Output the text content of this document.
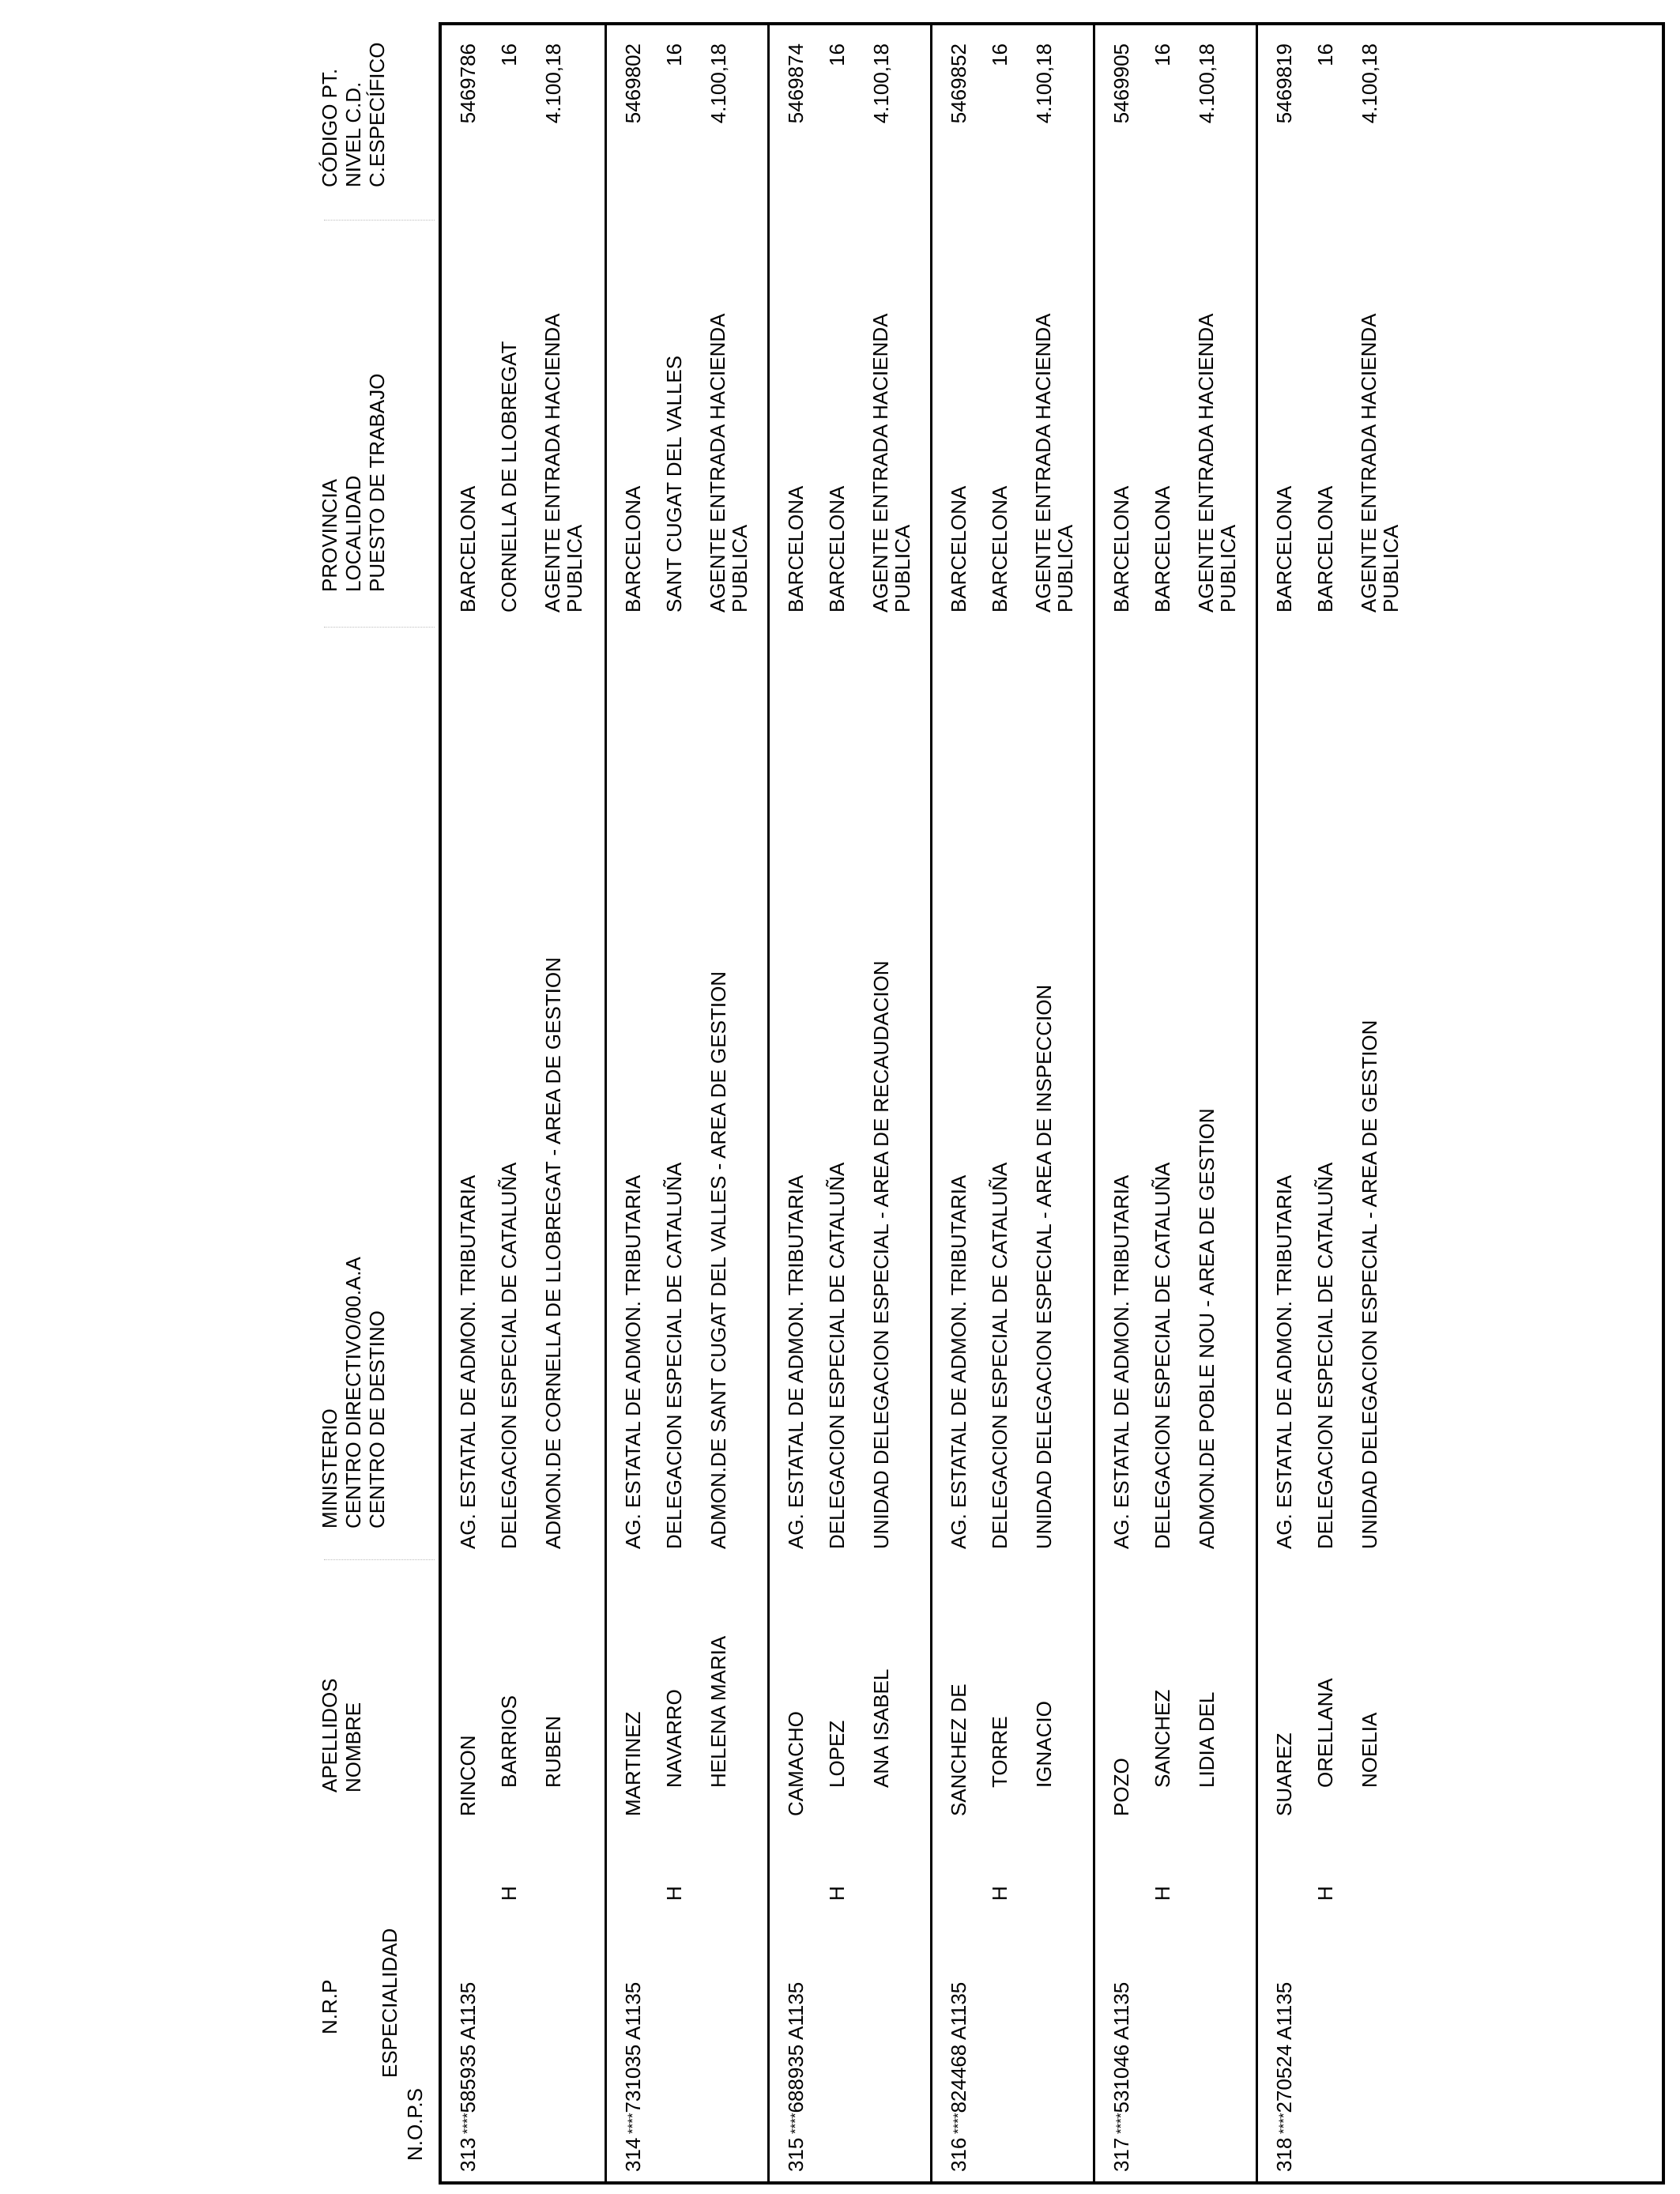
N.O.P.S
N.R.P ESPECIALIDAD
APELLIDOS NOMBRE
MINISTERIO CENTRO DIRECTIVO/00.A.A CENTRO DE DESTINO
PROVINCIA LOCALIDAD PUESTO DE TRABAJO
CÓDIGO PT. NIVEL C.D. C.ESPECÍFICO
313
****585935 A1135
H
RINCON BARRIOS RUBEN
AG. ESTATAL DE ADMON. TRIBUTARIA DELEGACION ESPECIAL DE CATALUÑA ADMON.DE CORNELLA DE LLOBREGAT - AREA DE GESTION
BARCELONA CORNELLA DE LLOBREGAT AGENTE ENTRADA HACIENDA PUBLICA
5469786 16 4.100,18
314
****731035 A1135
H
MARTINEZ NAVARRO HELENA MARIA
AG. ESTATAL DE ADMON. TRIBUTARIA DELEGACION ESPECIAL DE CATALUÑA ADMON.DE SANT CUGAT DEL VALLES - AREA DE GESTION
BARCELONA SANT CUGAT DEL VALLES AGENTE ENTRADA HACIENDA PUBLICA
5469802 16 4.100,18
315
****688935 A1135
H
CAMACHO LOPEZ ANA ISABEL
AG. ESTATAL DE ADMON. TRIBUTARIA DELEGACION ESPECIAL DE CATALUÑA UNIDAD DELEGACION ESPECIAL - AREA DE RECAUDACION
BARCELONA BARCELONA AGENTE ENTRADA HACIENDA PUBLICA
5469874 16 4.100,18
316
****824468 A1135
H
SANCHEZ DE TORRE IGNACIO
AG. ESTATAL DE ADMON. TRIBUTARIA DELEGACION ESPECIAL DE CATALUÑA UNIDAD DELEGACION ESPECIAL - AREA DE INSPECCION
BARCELONA BARCELONA AGENTE ENTRADA HACIENDA PUBLICA
5469852 16 4.100,18
317
****531046 A1135
H
POZO SANCHEZ LIDIA DEL
AG. ESTATAL DE ADMON. TRIBUTARIA DELEGACION ESPECIAL DE CATALUÑA ADMON.DE POBLE NOU - AREA DE GESTION
BARCELONA BARCELONA AGENTE ENTRADA HACIENDA PUBLICA
5469905 16 4.100,18
318
****270524 A1135
H
SUAREZ ORELLANA NOELIA
AG. ESTATAL DE ADMON. TRIBUTARIA DELEGACION ESPECIAL DE CATALUÑA UNIDAD DELEGACION ESPECIAL - AREA DE GESTION
BARCELONA BARCELONA AGENTE ENTRADA HACIENDA PUBLICA
5469819 16 4.100,18
